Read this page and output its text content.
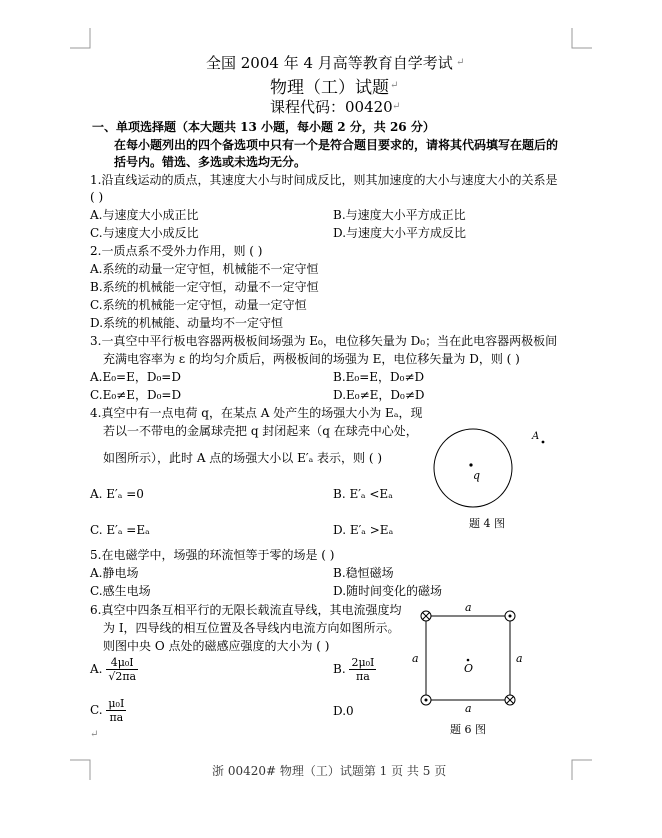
全国 2004 年 4 月高等教育自学考试 ↵
物理（工）试题 ↵
课程代码：00420 ↵
一、单项选择题（本大题共 13 小题，每小题 2 分，共 26 分）
在每小题列出的四个备选项中只有一个是符合题目要求的，请将其代码填写在题后的
括号内。错选、多选或未选均无分。
1.沿直线运动的质点，其速度大小与时间成反比，则其加速度的大小与速度大小的关系是
( )
A.与速度大小成正比	B.与速度大小平方成正比
C.与速度大小成反比	D.与速度大小平方成反比
2.一质点系不受外力作用，则 ( )
A.系统的动量一定守恒，机械能不一定守恒
B.系统的机械能一定守恒，动量不一定守恒
C.系统的机械能一定守恒，动量一定守恒
D.系统的机械能、动量均不一定守恒
3.一真空中平行板电容器两极板间场强为 E₀，电位移矢量为 D₀；当在此电容器两极板间
充满电容率为 ε 的均匀介质后，两极板间的场强为 E，电位移矢量为 D，则 ( )
A.E₀=E，D₀=D	B.E₀=E，D₀≠D
C.E₀≠E，D₀=D	D.E₀≠E，D₀≠D
4.真空中有一点电荷 q，在某点 A 处产生的场强大小为 Eₐ，现
若以一不带电的金属球壳把 q 封闭起来（q 在球壳中心处，
如图所示），此时 A 点的场强大小以 E′ₐ 表示，则 ( )
A. E′ₐ =0	B. E′ₐ <Eₐ
C. E′ₐ =Eₐ	D. E′ₐ >Eₐ
q
A
题 4 图
5.在电磁学中，场强的环流恒等于零的场是 ( )
A.静电场	B.稳恒磁场
C.感生电场	D.随时间变化的磁场
6.真空中四条互相平行的无限长载流直导线，其电流强度均
为 I，四导线的相互位置及各导线内电流方向如图所示。
则图中央 O 点处的磁感应强度的大小为 ( )
A. $\frac{\text{4μ₀I}}{√2\pi a}$	B. $\frac{\text{2μ₀I}}{\pi a}$
C. $\frac{\text{μ₀I}}{\pi a}$	D.0
a
a
a	a
O
题 6 图
↵
浙 00420# 物理（工）试题第 1 页 共 5 页
